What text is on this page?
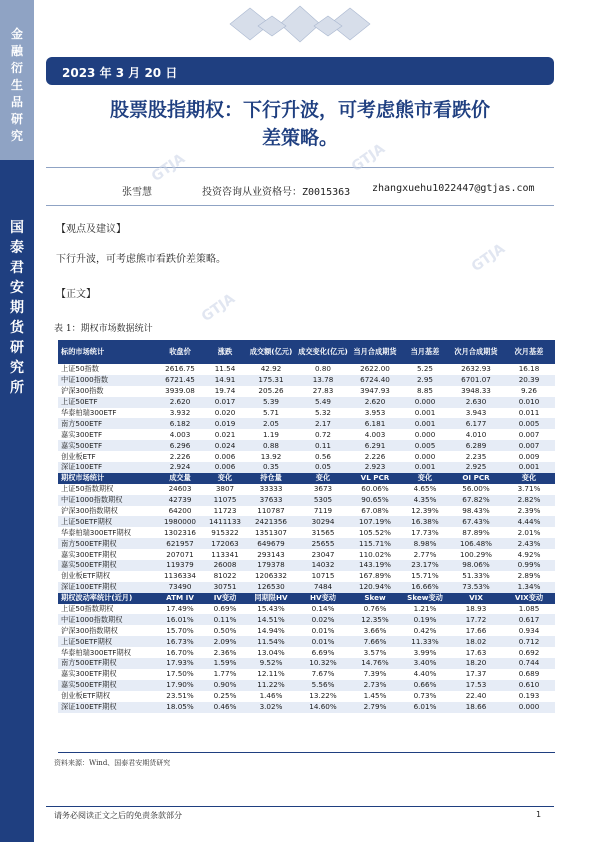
金
融
衍
生
品
研
究
国
泰
君
安
期
货
研
究
所
2023 年 3 月 20 日
股票股指期权：下行升波，可考虑熊市看跌价
差策略。
张雪慧	投资咨询从业资格号：Z0015363 zhangxuehu1022447@gtjas.com
【观点及建议】
下行升波，可考虑熊市看跌价差策略。
【正文】
GTJA	GTJA
GTJA
GTJA
表 1：期权市场数据统计
标的市场统计	收盘价	涨跌	成交额(亿元)	成交变化(亿元)	当月合成期货	当月基差	次月合成期货	次月基差
上证50指数	2616.75	11.54	42.92	0.80	2622.00	5.25	2632.93	16.18
中证1000指数	6721.45	14.91	175.31	13.78	6724.40	2.95	6701.07	20.39
沪深300指数	3939.08	19.74	205.26	27.83	3947.93	8.85	3948.33	9.26
上证50ETF	2.620	0.017	5.39	5.49	2.620	0.000	2.630	0.010
华泰柏瑞300ETF	3.932	0.020	5.71	5.32	3.953	0.001	3.943	0.011
南方500ETF	6.182	0.019	2.05	2.17	6.181	0.001	6.177	0.005
嘉实300ETF	4.003	0.021	1.19	0.72	4.003	0.000	4.010	0.007
嘉实500ETF	6.296	0.024	0.88	0.11	6.291	0.005	6.289	0.007
创业板ETF	2.226	0.006	13.92	0.56	2.226	0.000	2.235	0.009
深证100ETF	2.924	0.006	0.35	0.05	2.923	0.001	2.925	0.001
期权市场统计	成交量	变化	持仓量	变化	VL PCR	变化	OI PCR	变化
上证50指数期权	24603	3807	33333	3673	60.06%	4.65%	56.00%	3.71%
中证1000指数期权	42739	11075	37633	5305	90.65%	4.35%	67.82%	2.82%
沪深300指数期权	64200	11723	110787	7119	67.08%	12.39%	98.43%	2.39%
上证50ETF期权	1980000	1411133	2421356	30294	107.19%	16.38%	67.43%	4.44%
华泰柏瑞300ETF期权	1302316	915322	1351307	31565	105.52%	17.73%	87.89%	2.01%
南方500ETF期权	621957	172063	649679	25655	115.71%	8.98%	106.48%	2.43%
嘉实300ETF期权	207071	113341	293143	23047	110.02%	2.77%	100.29%	4.92%
嘉实500ETF期权	119379	26008	179378	14032	143.19%	23.17%	98.06%	0.99%
创业板ETF期权	1136334	81022	1206332	10715	167.89%	15.71%	51.33%	2.89%
深证100ETF期权	73490	30751	126530	7484	120.94%	16.66%	73.53%	1.34%
期权波动率统计(近月)	ATM IV	IV变动	同期限HV	HV变动	Skew	Skew变动	VIX	VIX变动
上证50指数期权	17.49%	0.69%	15.43%	0.14%	0.76%	1.21%	18.93	1.085
中证1000指数期权	16.01%	0.11%	14.51%	0.02%	12.35%	0.19%	17.72	0.617
沪深300指数期权	15.70%	0.50%	14.94%	0.01%	3.66%	0.42%	17.66	0.934
上证50ETF期权	16.73%	2.09%	11.54%	0.01%	7.66%	11.33%	18.02	0.712
华泰柏瑞300ETF期权	16.70%	2.36%	13.04%	6.69%	3.57%	3.99%	17.63	0.692
南方500ETF期权	17.93%	1.59%	9.52%	10.32%	14.76%	3.40%	18.20	0.744
嘉实300ETF期权	17.50%	1.77%	12.11%	7.67%	7.39%	4.40%	17.37	0.689
嘉实500ETF期权	17.90%	0.90%	11.22%	5.56%	2.73%	0.66%	17.53	0.610
创业板ETF期权	23.51%	0.25%	1.46%	13.22%	1.45%	0.73%	22.40	0.193
深证100ETF期权	18.05%	0.46%	3.02%	14.60%	2.79%	6.01%	18.66	0.000
资料来源：Wind、国泰君安期货研究
请务必阅读正文之后的免责条款部分	1
